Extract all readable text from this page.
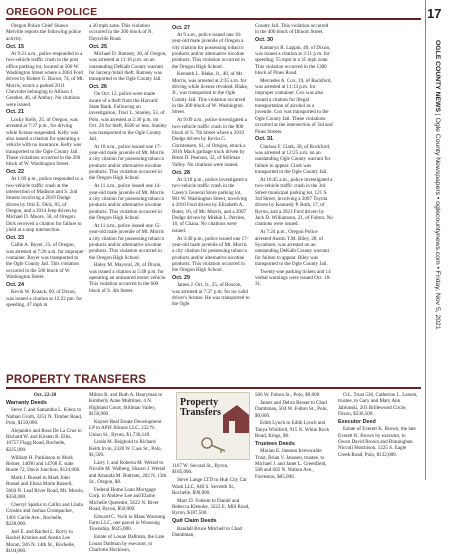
OREGON POLICE

Oregon Police Chief Shawn Melville reports the following police activity.

Oct. 15

At 9:21 a.m., police responded to a two-vehicle traffic crash in the post office parking lot, located at 500 W. Washington Street where a 2004 Ford driven by Robert G. Bacon, 74, of Mt. Morris, struck a parked 2011 Chevrolet belonging to Allison J. Geuther, 46, of Amboy. No citations were issued.

Oct. 21

Lucky Kelly, 25, of Oregon, was arrested at 7:37 p.m., for driving while license suspended. Kelly was also issued a citation for operating a vehicle with no insurance. Kelly was transported to the Ogle County Jail. These violations occurred in the 200 block of W. Washington Street.

Oct. 22

At 1:09 p.m., police responded to a two-vehicle traffic crash at the intersection of Madison and S. 2nd Streets involving a 2019 Dodge driven by Otis E. Dick, 85, of Oregon, and a 2014 Jeep driven by Michael D. Moore, 58, of Oregon. Dick received a citation for failure to yield at a stop intersection.

Oct. 23

Callie A. Boyer, 23, of Oregon, was arrested at 7:26 a.m. for improper container. Boyer was transported to the Ogle County Jail. This violation occurred in the 500 block of W. Washington Street.

Oct. 24

Kevin W. Kraack, 60, of Dixon, was issued a citation at 12:22 pm. for speeding, 47 mph in

a 30 mph zone. This violation occurred in the 200 block of N. Daysville Road.

Oct. 25

Michael D. Ramsey, 30, of Oregon, was arrested at 11:16 p.m. on an outstanding DeKalb County warrant for larceny/retail theft. Ramsey was transported to the Ogle County Jail.

Oct. 26

On Oct. 12, police were made aware of a theft from the Harvard State Bank. Following an investigation, Traci L. Stanley, 53, of Polo, was arrested at 2:30 p.m. on Oct. 26 for theft, $500 or less. Stanley was transported to the Ogle County Jail.

At 10 a.m., police issued one 17-year-old male juvenile of Mt. Morris a city citation for possessing tobacco products and/or alternative nicotine products. This violation occurred in the Oregon High School.

At 11 a.m., police issued one 14-year-old male juvenile of Mt. Morris a city citation for possessing tobacco products and/or alternative nicotine products. This violation occurred in the Oregon High School.

At 11 a.m., police issued one 15-year-old male juvenile of Mt. Morris a city citation for possessing tobacco products and/or alternative nicotine products. This violation occurred in the Oregon High School.

Haley M. Mayoral, 28, of Dixon, was issued a citation at 5:48 p.m. for operating an uninsured motor vehicle. This violation occurred in the 600 block of S. 4th Street.

Oct. 27

At 9 a.m., police issued one 16-year-old male juvenile of Oregon a city citation for possessing tobacco products and/or alternative nicotine products. This violation occurred in the Oregon High School.

Kenneth L. Blake, Jr., 40, of Mt. Morris, was arrested at 2:35 a.m. for driving while license revoked. Blake, Jr., was transported to the Ogle County Jail. This violation occurred in the 300 block of W. Washington Street.

At 9:09 a.m., police investigated a two-vehicle traffic crash in the 800 block of S. 7th Street where a 2019 Dodge driven by Kevin G. Christensen, 61, of Oregon, struck a 2016 Mack garbage truck driven by Brent D. Pearson, 32, of Stillman Valley. No citations were issued.

Oct. 28

At 3:18 p.m., police investigated a two-vehicle traffic crash in the Casey's General Store parking lot, 901 W. Washington Street, involving a 2010 Ford driven by Elizabeth A. Buter, 16, of Mt. Morris, and a 2007 Dodge driven by Mikkie L. Perrine, 18, of Chana. No citations were issued.

At 3:40 p.m., police issued one 17-year-old male juvenile of Mt. Morris a city citation for possessing tobacco products and/or alternative nicotine products. This violation occurred in the Oregon High School.

Oct. 29

James J. Orr, Jr., 25, of Roscoe, was arrested at 7:37 p.m. for no valid driver's license. He was transported to the Ogle

County Jail. This violation occurred in the 400 block of Illinois Street.

Oct. 30

Kamaryn R. Lappin, 40, of Dixon, was issued a citation at 3:11 p.m. for speeding, 55 mph in a 35 mph zone. This violation occurred in the 1300 block of Pines Road.

Mercedes A. Cox, 19, of Rockford, was arrested at 11:13 p.m. for improper container. Cox was also issued a citation for illegal transportation of alcohol as a juvenile. Cox was transported to the Ogle County Jail. These violations occurred at the intersection of 3rd and Pines Streets.

Oct. 31

Clarissa F. Clark, 38, of Rockford, was arrested at 12:25 a.m. on an outstanding Ogle County warrant for failure to appear. Clark was transported to the Ogle County Jail.

At 10:45 a.m., police investigated a two-vehicle traffic crash in the 3rd Street municipal parking lot, 121 S. 3rd Street, involving a 2007 Toyota driven by Kennedy P. Roth, 17, of Byron, and a 2021 Ford driven by Jack D. Williamson, 21, of Fulton. No citations were issued.

At 7:24 p.m., Oregon Police arrested Austin T.M. Riley, 28, of Sycamore, was arrested on an outstanding DeKalb County warrant for failure to appear. Riley was transported to the Ogle County Jail.

Twenty-one parking tickets and 14 verbal warnings were issued Oct. 18-31.

PROPERTY TRANSFERS

Oct. 22-28

Warranty Deeds

Steve J. and Samantha L. Kienz to Nathan Groth, 3251 N. Timber Road, Polo, $150,000.

Alejandro and Rosa De La Cruz to Richard W. and Kirsten B. Ellis, 10757 Flagg Road, Rochelle, $225,000.

William H. Parkinson to Mark Reiner, 14696 and 14708 E. state Route 72, Davis Junction, $124,000.

Mark J. Russel to Mark John Russel and Elissa Marie Russell, 5604 N. Leaf River Road, Mt. Morris, $350,000.

Cherryl Sparks to Collin and Linda Crosbie and Joshua Crumpacker, 1401 Carrie Ave., Rochelle, $228,000.

Joel E. and Rachel L. Borry to Rachel Kristine and Austin Lee Moran, 926 N. 14th St., Rochelle, $104,000.

Milton R. and Ruth A. Hearyman to Kimberly Anne Multimer, 4 N. Highland Court, Stillman Valley, $150,000.

Kayser Real Estate Development LP to APIF Illinois LLC, 232 N. Union St., Byron, $1,730,149.

Linda M. Beighold to Richard Keith Irvin, 2320 W. Cass St., Polo, $1,500.

Larry J. and Roberta M. Wetzel to Nicolle M. Walberg, Shawn J. Wetzel and Amanda M. Buttram, 202 N. 13th St., Oregon, $0.

Federal Home Loan Mortgage Corp. to Andrew Lee and Elaine Michelle Queredot, 5622 N. River Road, Byron, $50,000.

Edward C. Vock to Maas Woosung Farm LLC, one parcel in Woosung Township, $925,000.

Estate of Louan Dallman, the Late Louan Dallman by executor, to Charlotte Hockison,

Property Transfers

1167 W. Second St., Byron, $185,000.

Steve Lange LTD to Hub City Car Wash LLC, 840 S. Seventh St., Rochelle, $90,000.

Marc D. Folsom to Daniel and Rebecca Klenoke, 3222 E. Mill Road, Byron, $187,500.

Quit Claim Deeds

Randall Bruce Mitchell to Chad Dambman,

506 W. Fulton St., Polo, $9,000.

James and Debra Besser to Chad Dambman, 504 W. Fulton St., Polo, $9,000.

Edith Lynch to Edith Lynch and Tanya Whitford, 915 N. White Rock Road, Kings, $0.

Trustees Deeds

Marian E. Janssen Irrevocable Trust, Brian V. Janssen, trustee, to Michael J. and Janet L. Greenfield, 508 and 602 N. Walnut Ave., Forreston, $65,000.

O.L. Trust 536, Catherine L. Larsen, trustee, to Gary and Mary Ann Jablonski, 203 Brillewood Circle, Dixon, $236,500.

Executor Deed

Estate of Everett K. Brown, the late Everett K. Brown by executor, to Owen David Brown and Brannighan Niccoli Hutchison, 1225 S. Eagle Creek Road, Polo, $132,000.

17
OGLE COUNTY NEWS | Ogle County Newspapers • oglecountynews.com • Friday, Nov 5, 2021
